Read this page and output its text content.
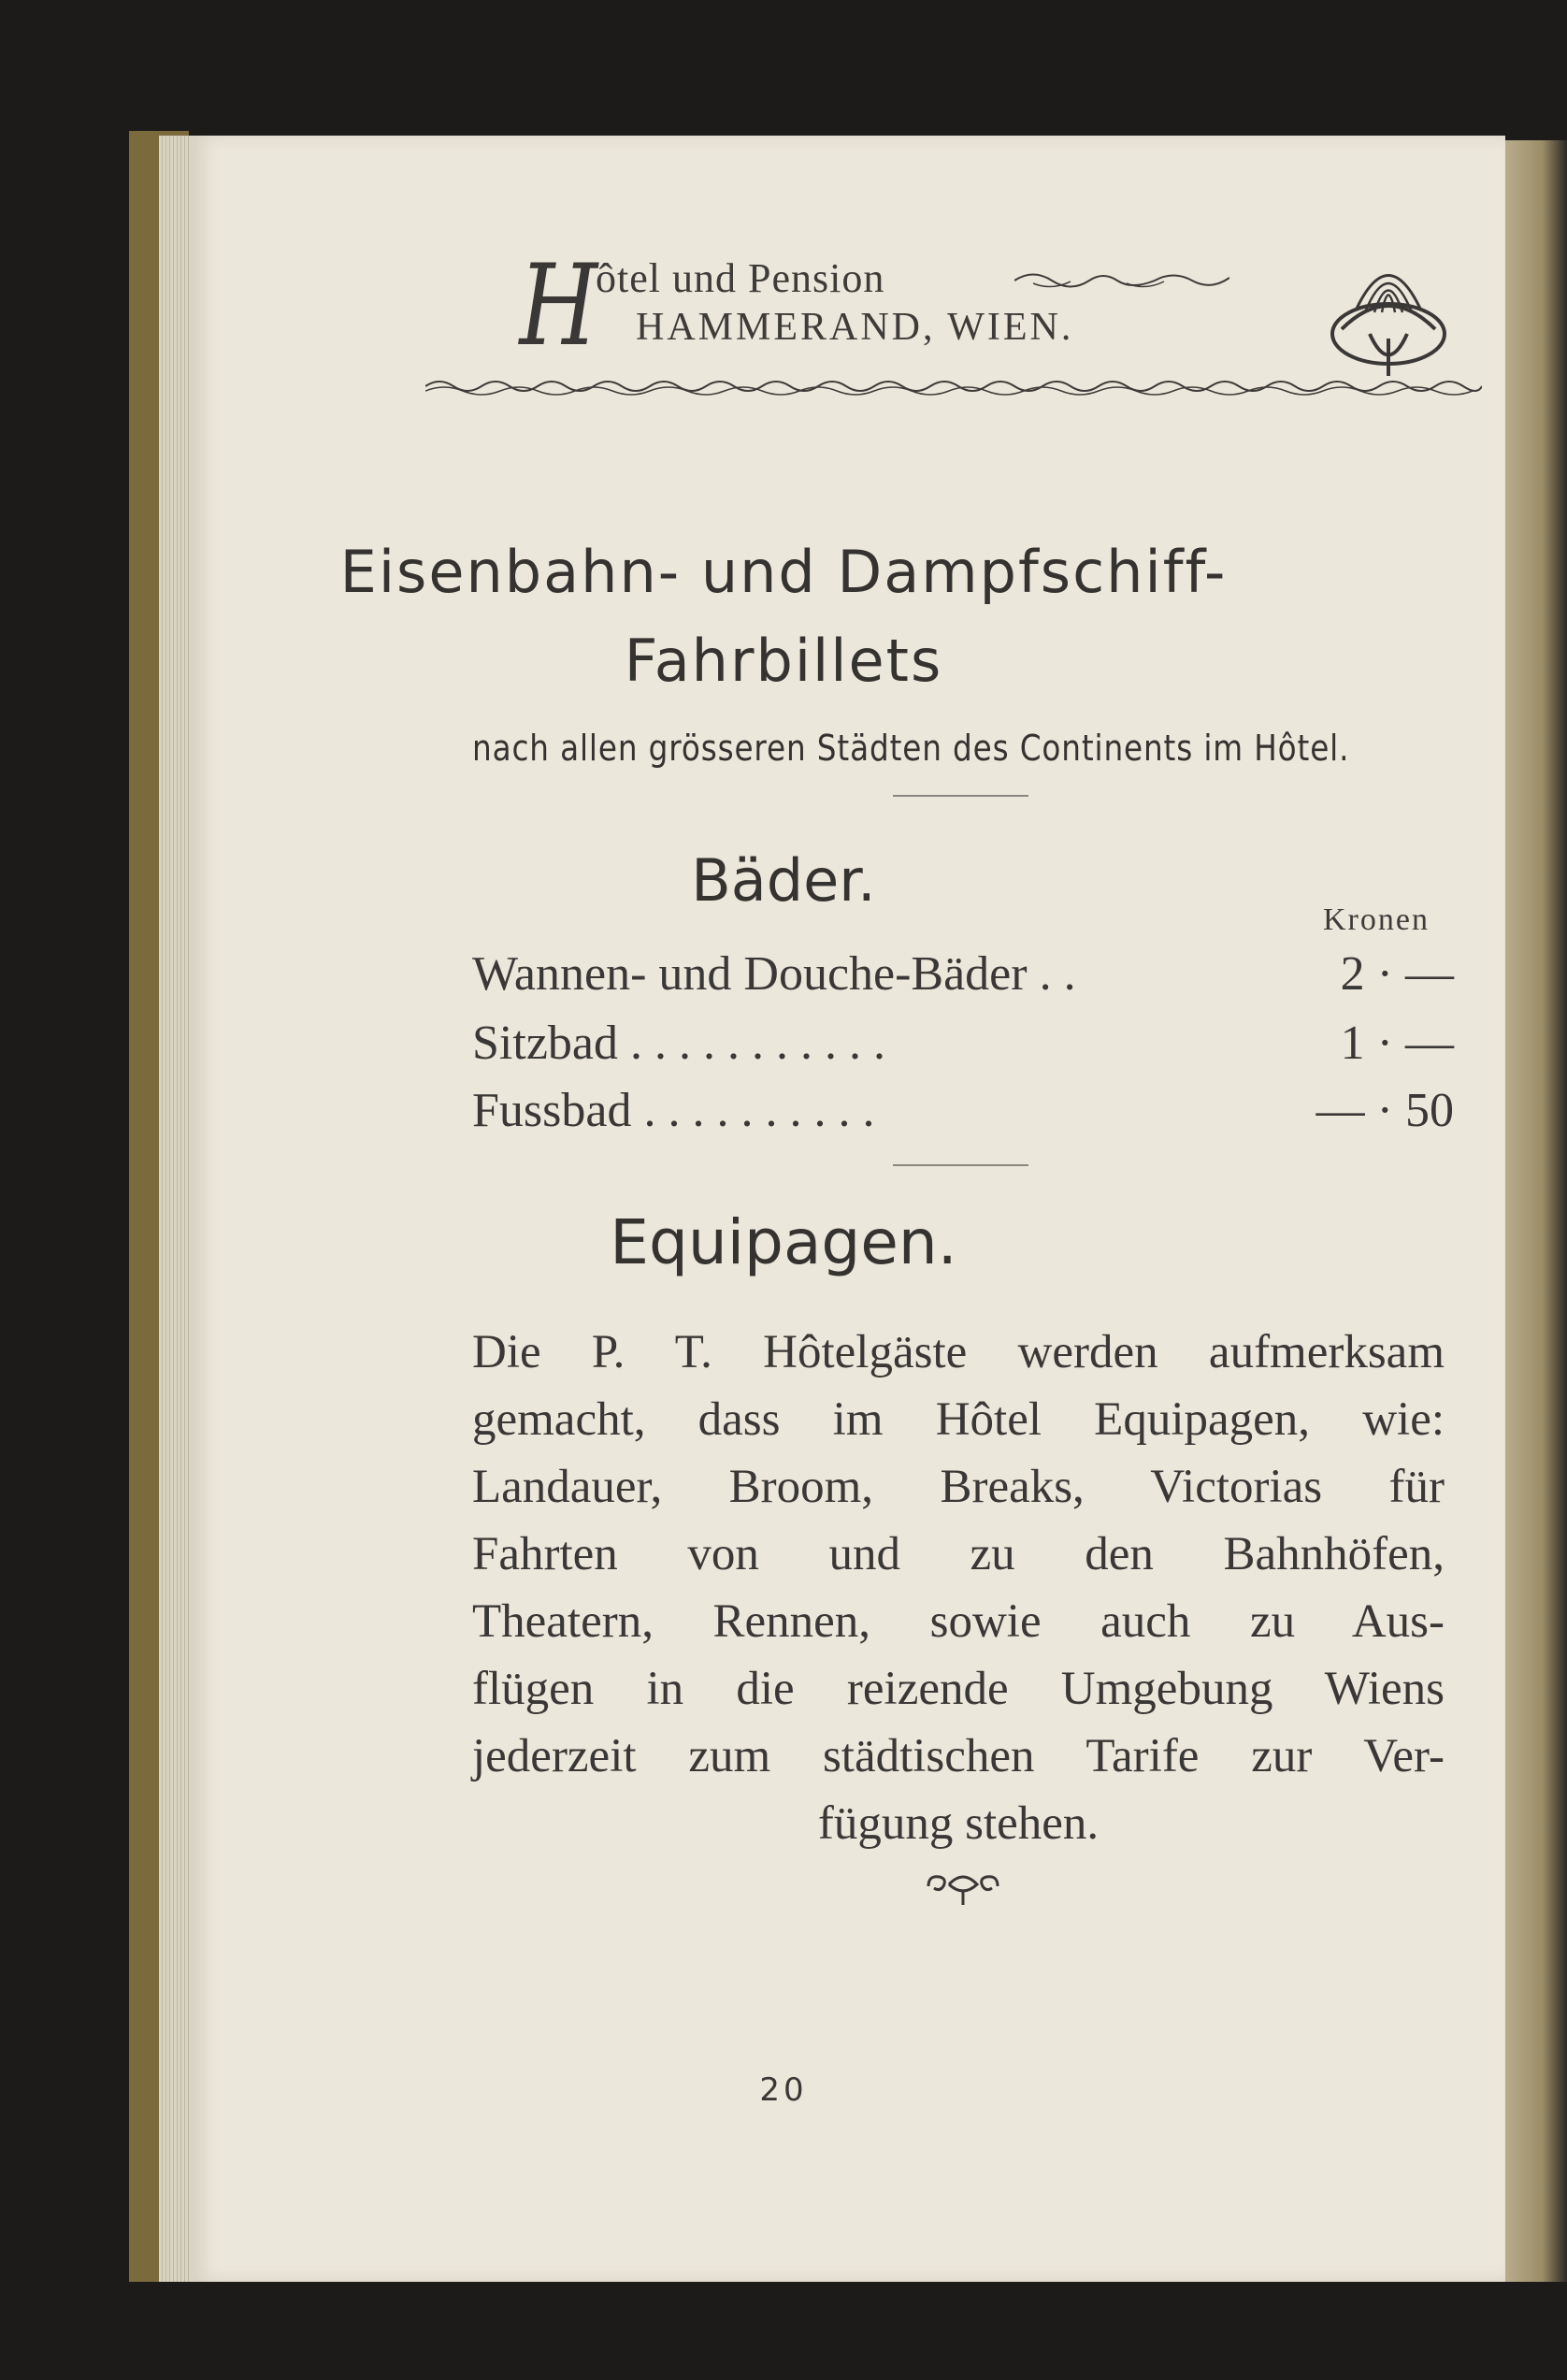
H
ôtel und Pension
HAMMERAND, WIEN.
Eisenbahn- und Dampfschiff-
Fahrbillets
nach allen grösseren Städten des Continents im Hôtel.
Bäder.
Kronen
Wannen- und Douche-Bäder . .	2 · —
Sitzbad . . . . . . . . . . .	1 · —
Fussbad . . . . . . . . . .	— · 50
Equipagen.
Die P. T. Hôtelgäste werden aufmerksam
gemacht, dass im Hôtel Equipagen, wie:
Landauer, Broom, Breaks, Victorias für
Fahrten von und zu den Bahnhöfen,
Theatern, Rennen, sowie auch zu Aus-
flügen in die reizende Umgebung Wiens
jederzeit zum städtischen Tarife zur Ver-
fügung stehen.
20
